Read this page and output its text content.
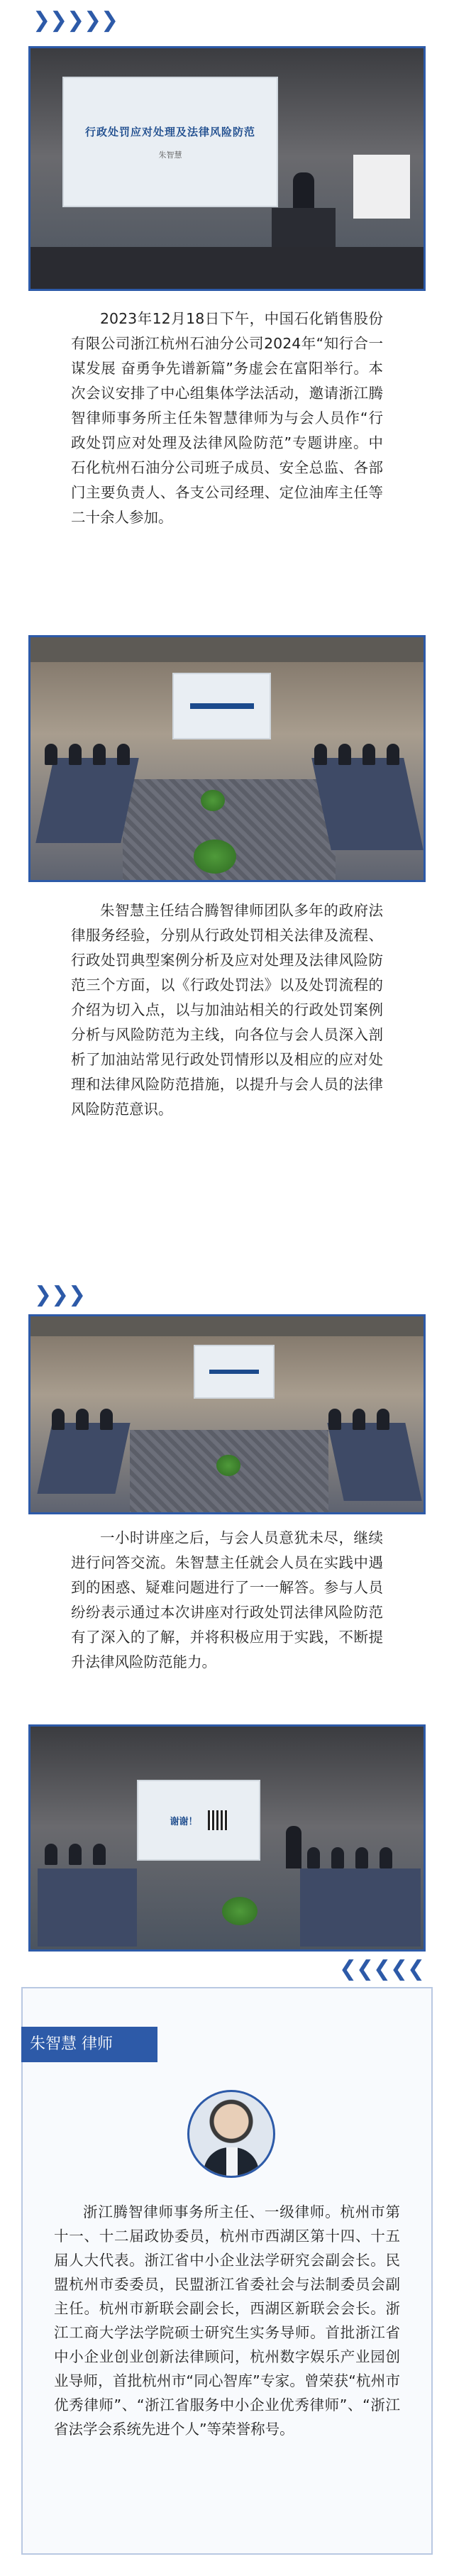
❯ ❯ ❯ ❯ ❯
行政处罚应对处理及法律风险防范
朱智慧

2023年12月18日下午，中国石化销售股份有限公司浙江杭州石油分公司2024年“知行合一谋发展 奋勇争先谱新篇”务虚会在富阳举行。本次会议安排了中心组集体学法活动，邀请浙江腾智律师事务所主任朱智慧律师为与会人员作“行政处罚应对处理及法律风险防范”专题讲座。中石化杭州石油分公司班子成员、安全总监、各部门主要负责人、各支公司经理、定位油库主任等二十余人参加。

朱智慧主任结合腾智律师团队多年的政府法律服务经验，分别从行政处罚相关法律及流程、行政处罚典型案例分析及应对处理及法律风险防范三个方面，以《行政处罚法》以及处罚流程的介绍为切入点，以与加油站相关的行政处罚案例分析与风险防范为主线，向各位与会人员深入剖析了加油站常见行政处罚情形以及相应的应对处理和法律风险防范措施，以提升与会人员的法律风险防范意识。

❯ ❯ ❯

一小时讲座之后，与会人员意犹未尽，继续进行问答交流。朱智慧主任就会人员在实践中遇到的困惑、疑难问题进行了一一解答。参与人员纷纷表示通过本次讲座对行政处罚法律风险防范有了深入的了解，并将积极应用于实践，不断提升法律风险防范能力。

谢谢！
❮ ❮ ❮ ❮ ❮
朱智慧 律师

浙江腾智律师事务所主任、一级律师。杭州市第十一、十二届政协委员，杭州市西湖区第十四、十五届人大代表。浙江省中小企业法学研究会副会长。民盟杭州市委委员，民盟浙江省委社会与法制委员会副主任。杭州市新联会副会长，西湖区新联会会长。浙江工商大学法学院硕士研究生实务导师。首批浙江省中小企业创业创新法律顾问，杭州数字娱乐产业园创业导师，首批杭州市“同心智库”专家。曾荣获“杭州市优秀律师”、“浙江省服务中小企业优秀律师”、“浙江省法学会系统先进个人”等荣誉称号。
